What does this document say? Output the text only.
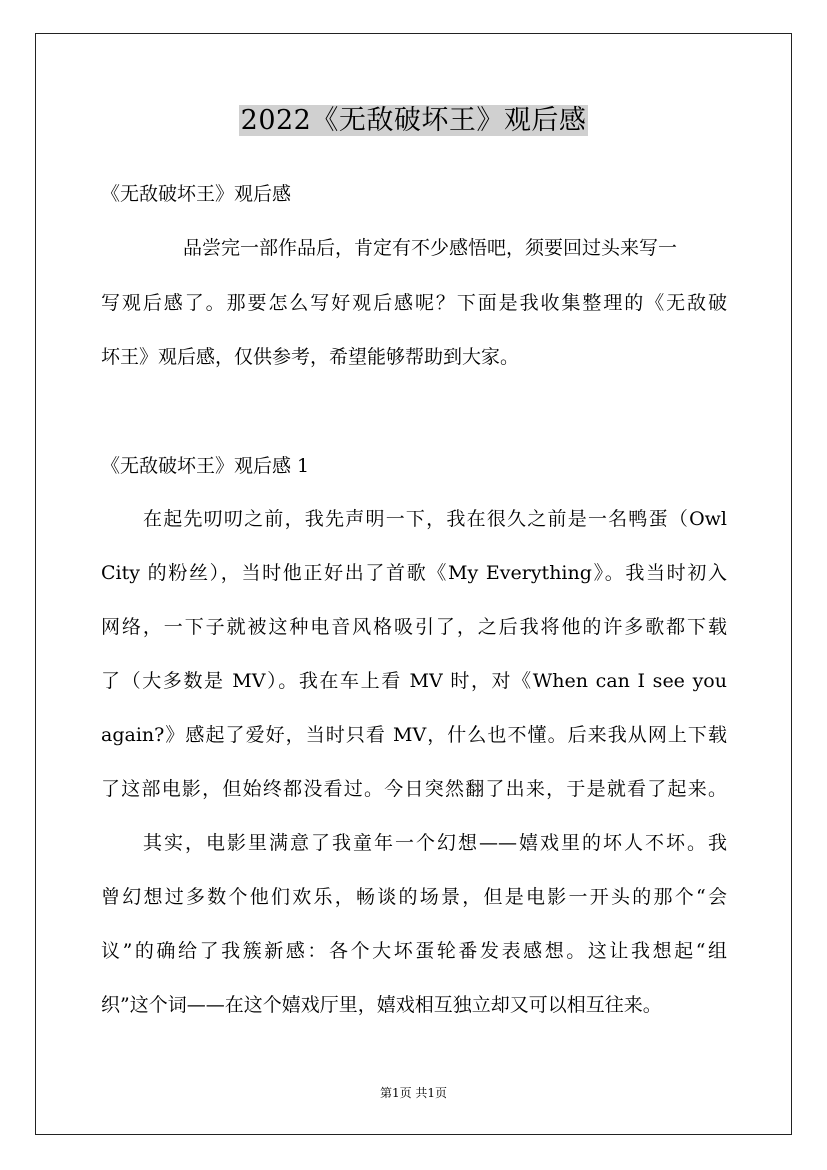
2022《无敌破坏王》观后感
《无敌破坏王》观后感
品尝完一部作品后，肯定有不少感悟吧，须要回过头来写一
写观后感了。那要怎么写好观后感呢？下面是我收集整理的《无敌破
坏王》观后感，仅供参考，希望能够帮助到大家。
《无敌破坏王》观后感 1
在起先叨叨之前，我先声明一下，我在很久之前是一名鸭蛋（Owl
City 的粉丝），当时他正好出了首歌《My Everything》。我当时初入
网络，一下子就被这种电音风格吸引了，之后我将他的许多歌都下载
了（大多数是 MV）。我在车上看 MV 时，对《When can I see you
again?》感起了爱好，当时只看 MV，什么也不懂。后来我从网上下载
了这部电影，但始终都没看过。今日突然翻了出来，于是就看了起来。
其实，电影里满意了我童年一个幻想——嬉戏里的坏人不坏。我
曾幻想过多数个他们欢乐，畅谈的场景，但是电影一开头的那个“会
议”的确给了我簇新感：各个大坏蛋轮番发表感想。这让我想起“组
织”这个词——在这个嬉戏厅里，嬉戏相互独立却又可以相互往来。
第1页 共1页
